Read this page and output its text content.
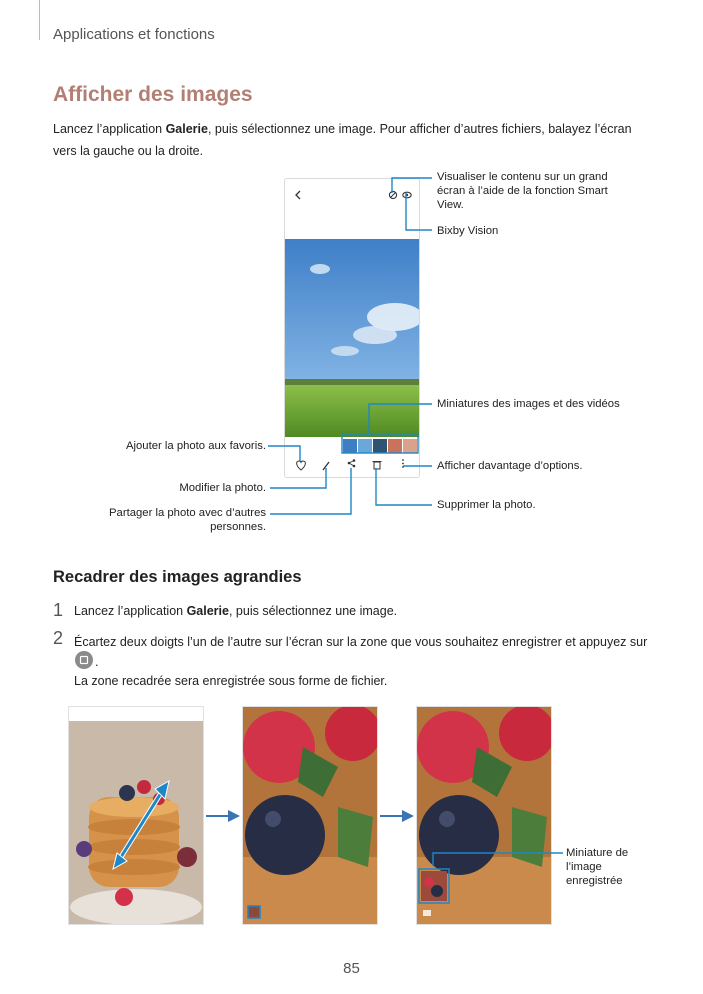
Applications et fonctions
Afficher des images
Lancez l’application Galerie, puis sélectionnez une image. Pour afficher d’autres fichiers, balayez l’écran vers la gauche ou la droite.
Visualiser le contenu sur un grand écran à l’aide de la fonction Smart View.
Bixby Vision
Miniatures des images et des vidéos
Ajouter la photo aux favoris.
Afficher davantage d’options.
Modifier la photo.
Supprimer la photo.
Partager la photo avec d’autres personnes.
Recadrer des images agrandies
1 Lancez l’application Galerie, puis sélectionnez une image.
2 Écartez deux doigts l’un de l’autre sur l’écran sur la zone que vous souhaitez enregistrer et appuyez sur
.
La zone recadrée sera enregistrée sous forme de fichier.
Miniature de l’image enregistrée
85
